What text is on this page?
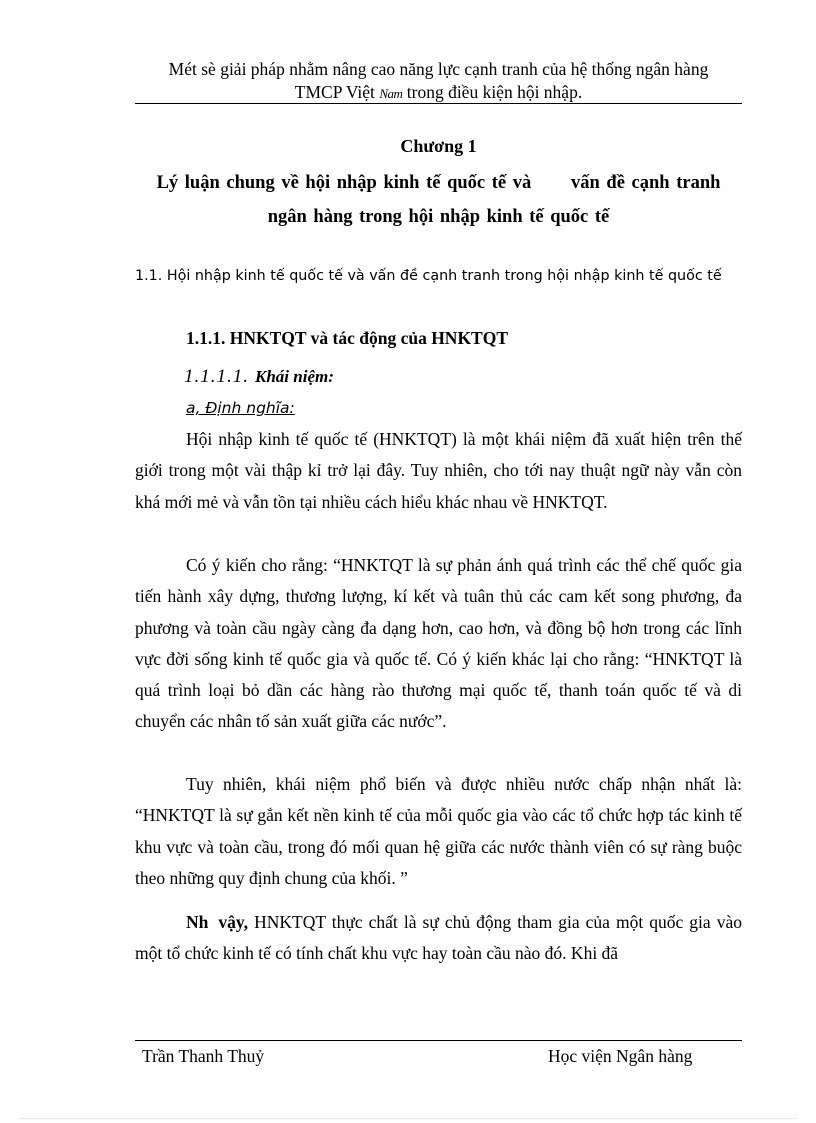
Mét sè giải pháp nhằm nâng cao năng lực cạnh tranh của hệ thống ngân hàng
TMCP Việt Nam trong điều kiện hội nhập.
Chương 1
Lý luận chung về hội nhập kinh tế quốc tế và      vấn đề cạnh tranh
ngân hàng trong hội nhập kinh tế quốc tế
1.1. Hội nhập kinh tế quốc tế và vấn đề cạnh tranh trong hội nhập kinh tế quốc tế
1.1.1. HNKTQT và tác động của HNKTQT
1.1.1.1. Khái niệm:
a, Định nghĩa:

Hội nhập kinh tế quốc tế (HNKTQT) là một khái niệm đã xuất hiện trên thế giới trong một vài thập kỉ trở lại đây. Tuy nhiên, cho tới nay thuật ngữ này vẫn còn khá mới mẻ và vẫn tồn tại nhiều cách hiểu khác nhau về HNKTQT.

Có ý kiến cho rằng: “HNKTQT là sự phản ánh quá trình các thể chế quốc gia tiến hành xây dựng, thương lượng, kí kết và tuân thủ các cam kết song phương, đa phương và toàn cầu ngày càng đa dạng hơn, cao hơn, và đồng bộ hơn trong các lĩnh vực đời sống kinh tế quốc gia và quốc tế. Có ý kiến khác lại cho rằng: “HNKTQT là quá trình loại bỏ dần các hàng rào thương mại quốc tế, thanh toán quốc tế và di chuyển các nhân tố sản xuất giữa các nước”.

Tuy nhiên, khái niệm phổ biến và được nhiều nước chấp nhận nhất là: “HNKTQT là sự gắn kết nền kinh tế của mỗi quốc gia vào các tổ chức hợp tác kinh tế khu vực và toàn cầu, trong đó mối quan hệ giữa các nước thành viên có sự ràng buộc theo những quy định chung của khối. ”

Nh vậy, HNKTQT thực chất là sự chủ động tham gia của một quốc gia vào một tổ chức kinh tế có tính chất khu vực hay toàn cầu nào đó. Khi đã

Trần Thanh Thuỷ	Học viện Ngân hàng
